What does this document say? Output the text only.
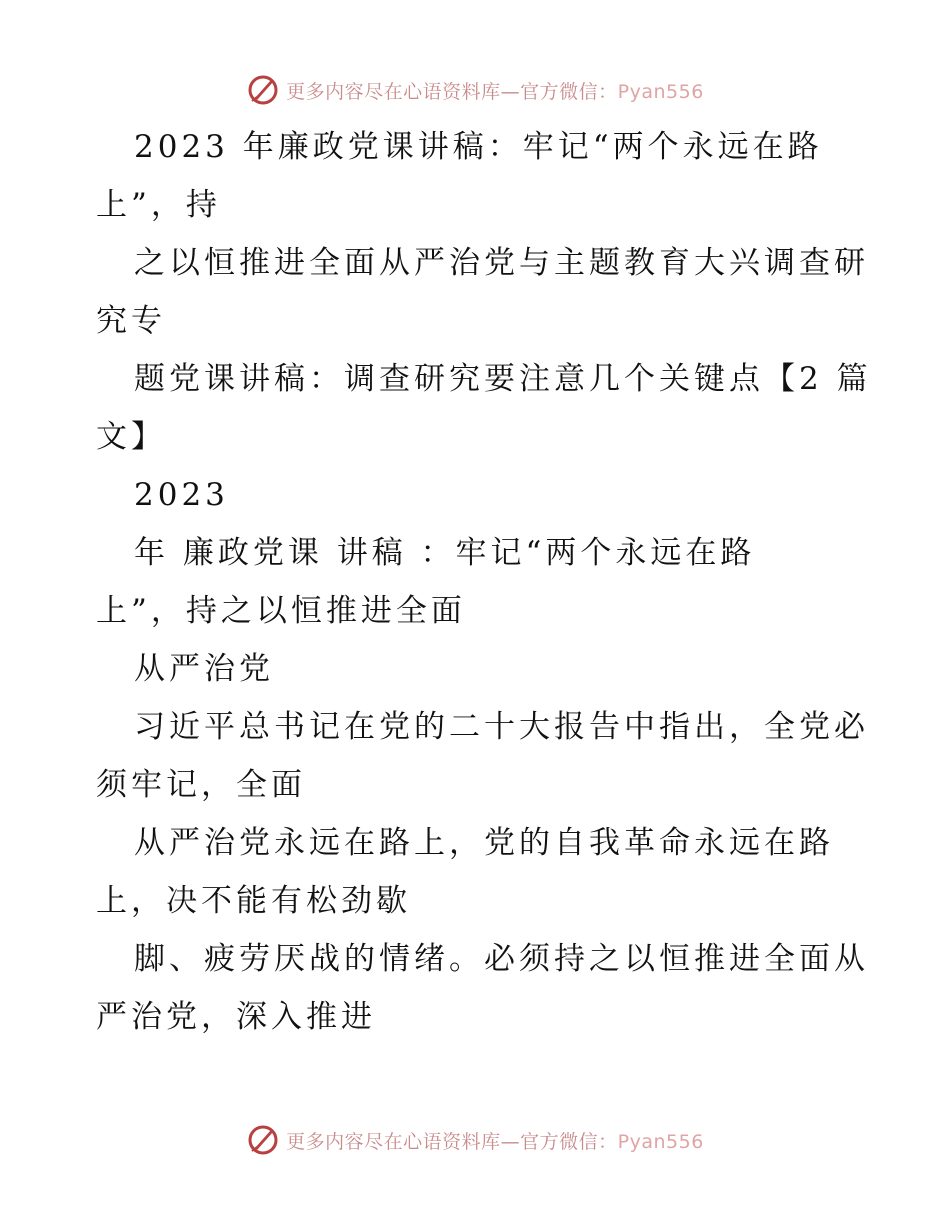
更多内容尽在心语资料库—官方微信：Pyan556
2023 年廉政党课讲稿：牢记“两个永远在路
上”，持
之以恒推进全面从严治党与主题教育大兴调查研
究专
题党课讲稿：调查研究要注意几个关键点【2 篇
文】
2023
年 廉政党课 讲稿 ：牢记“两个永远在路
上”，持之以恒推进全面
从严治党
习近平总书记在党的二十大报告中指出，全党必
须牢记，全面
从严治党永远在路上，党的自我革命永远在路
上，决不能有松劲歇
脚、疲劳厌战的情绪。必须持之以恒推进全面从
严治党，深入推进
更多内容尽在心语资料库—官方微信：Pyan556
